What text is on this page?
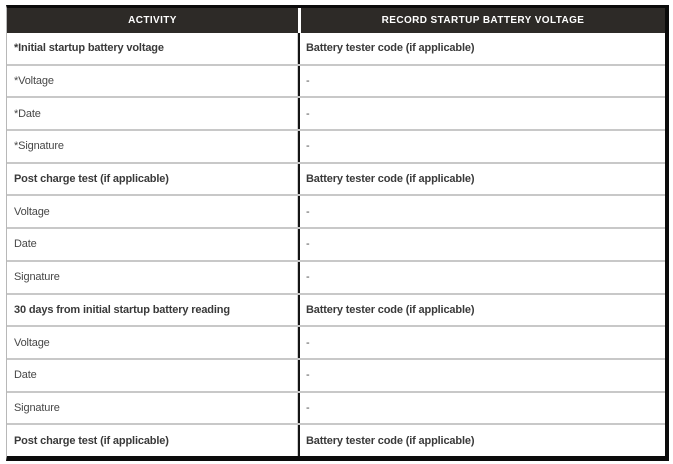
ACTIVITY	RECORD STARTUP BATTERY VOLTAGE
*Initial startup battery voltage	Battery tester code (if applicable)
*Voltage	-
*Date	-
*Signature	-
Post charge test (if applicable)	Battery tester code (if applicable)
Voltage	-
Date	-
Signature	-
30 days from initial startup battery reading	Battery tester code (if applicable)
Voltage	-
Date	-
Signature	-
Post charge test (if applicable)	Battery tester code (if applicable)
